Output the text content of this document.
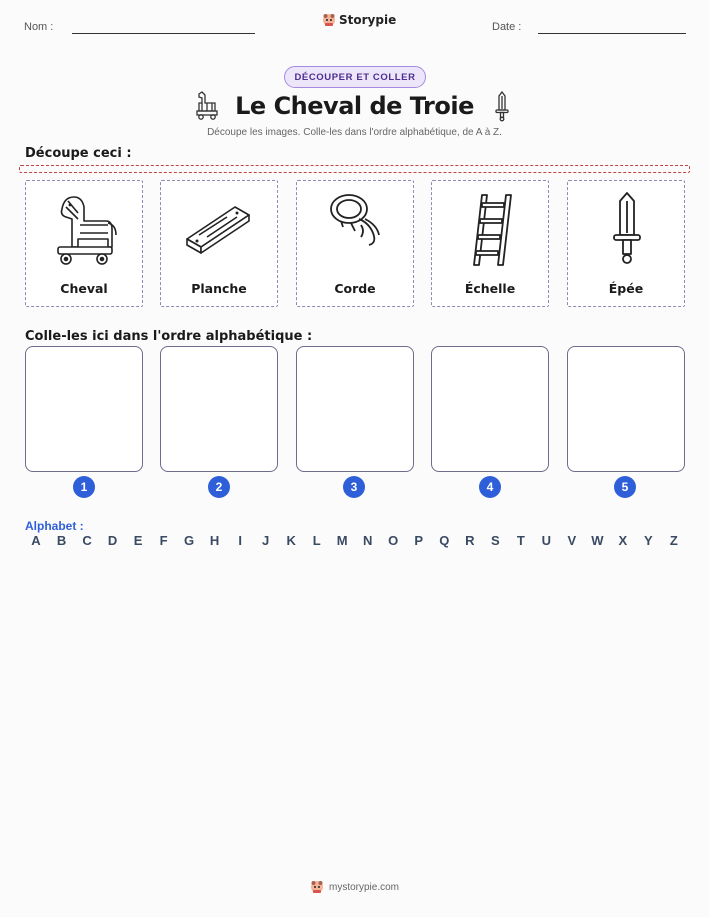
Nom :	Storypie	Date :
DÉCOUPER ET COLLER
Le Cheval de Troie
Découpe les images. Colle-les dans l'ordre alphabétique, de A à Z.
Découpe ceci :
Cheval	Planche	Corde	Échelle	Épée
Colle-les ici dans l'ordre alphabétique :
1	2	3	4	5
Alphabet :
A	B	C	D	E	F	G	H	I	J	K	L	M	N	O	P	Q	R	S	T	U	V	W	X	Y	Z
mystorypie.com
